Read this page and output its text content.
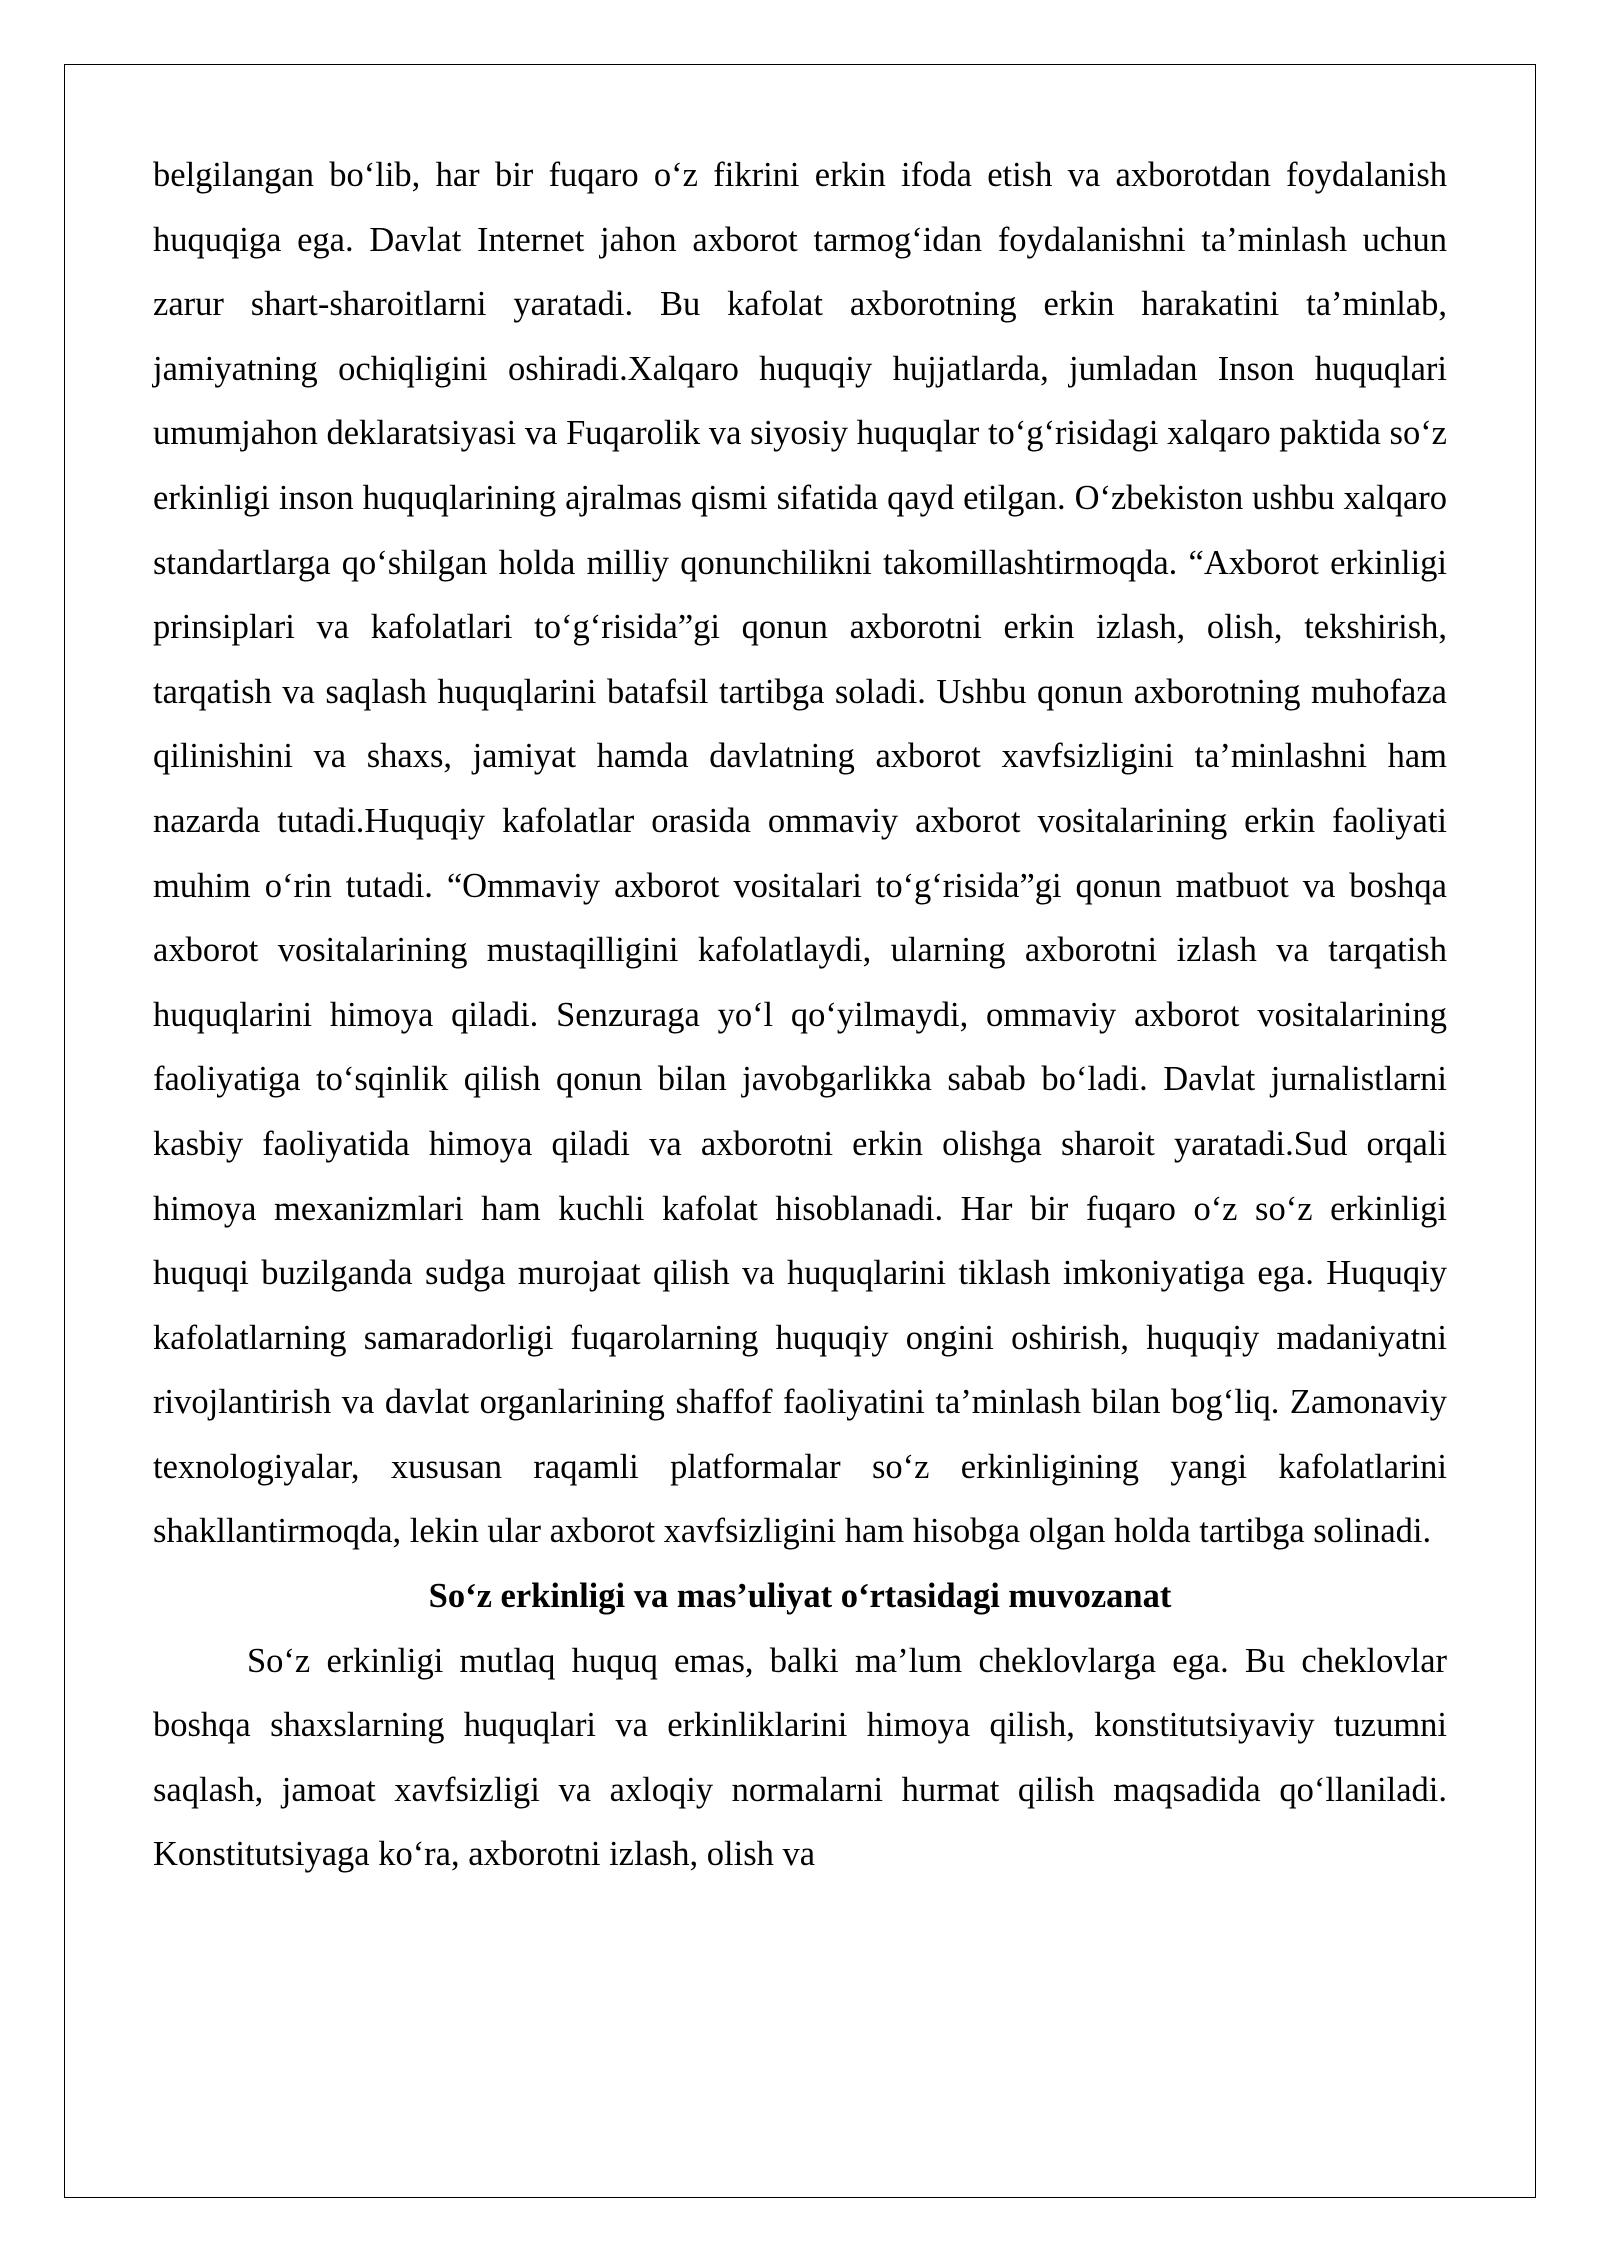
belgilangan bo‘lib, har bir fuqaro o‘z fikrini erkin ifoda etish va axborotdan foydalanish huquqiga ega. Davlat Internet jahon axborot tarmog‘idan foydalanishni ta’minlash uchun zarur shart-sharoitlarni yaratadi. Bu kafolat axborotning erkin harakatini ta’minlab, jamiyatning ochiqligini oshiradi.Xalqaro huquqiy hujjatlarda, jumladan Inson huquqlari umumjahon deklaratsiyasi va Fuqarolik va siyosiy huquqlar to‘g‘risidagi xalqaro paktida so‘z erkinligi inson huquqlarining ajralmas qismi sifatida qayd etilgan. O‘zbekiston ushbu xalqaro standartlarga qo‘shilgan holda milliy qonunchilikni takomillashtirmoqda. “Axborot erkinligi prinsiplari va kafolatlari to‘g‘risida”gi qonun axborotni erkin izlash, olish, tekshirish, tarqatish va saqlash huquqlarini batafsil tartibga soladi. Ushbu qonun axborotning muhofaza qilinishini va shaxs, jamiyat hamda davlatning axborot xavfsizligini ta’minlashni ham nazarda tutadi.Huquqiy kafolatlar orasida ommaviy axborot vositalarining erkin faoliyati muhim o‘rin tutadi. “Ommaviy axborot vositalari to‘g‘risida”gi qonun matbuot va boshqa axborot vositalarining mustaqilligini kafolatlaydi, ularning axborotni izlash va tarqatish huquqlarini himoya qiladi. Senzuraga yo‘l qo‘yilmaydi, ommaviy axborot vositalarining faoliyatiga to‘sqinlik qilish qonun bilan javobgarlikka sabab bo‘ladi. Davlat jurnalistlarni kasbiy faoliyatida himoya qiladi va axborotni erkin olishga sharoit yaratadi.Sud orqali himoya mexanizmlari ham kuchli kafolat hisoblanadi. Har bir fuqaro o‘z so‘z erkinligi huquqi buzilganda sudga murojaat qilish va huquqlarini tiklash imkoniyatiga ega. Huquqiy kafolatlarning samaradorligi fuqarolarning huquqiy ongini oshirish, huquqiy madaniyatni rivojlantirish va davlat organlarining shaffof faoliyatini ta’minlash bilan bog‘liq. Zamonaviy texnologiyalar, xususan raqamli platformalar so‘z erkinligining yangi kafolatlarini shakllantirmoqda, lekin ular axborot xavfsizligini ham hisobga olgan holda tartibga solinadi.

So‘z erkinligi va mas’uliyat o‘rtasidagi muvozanat

So‘z erkinligi mutlaq huquq emas, balki ma’lum cheklovlarga ega. Bu cheklovlar boshqa shaxslarning huquqlari va erkinliklarini himoya qilish, konstitutsiyaviy tuzumni saqlash, jamoat xavfsizligi va axloqiy normalarni hurmat qilish maqsadida qo‘llaniladi. Konstitutsiyaga ko‘ra, axborotni izlash, olish va
